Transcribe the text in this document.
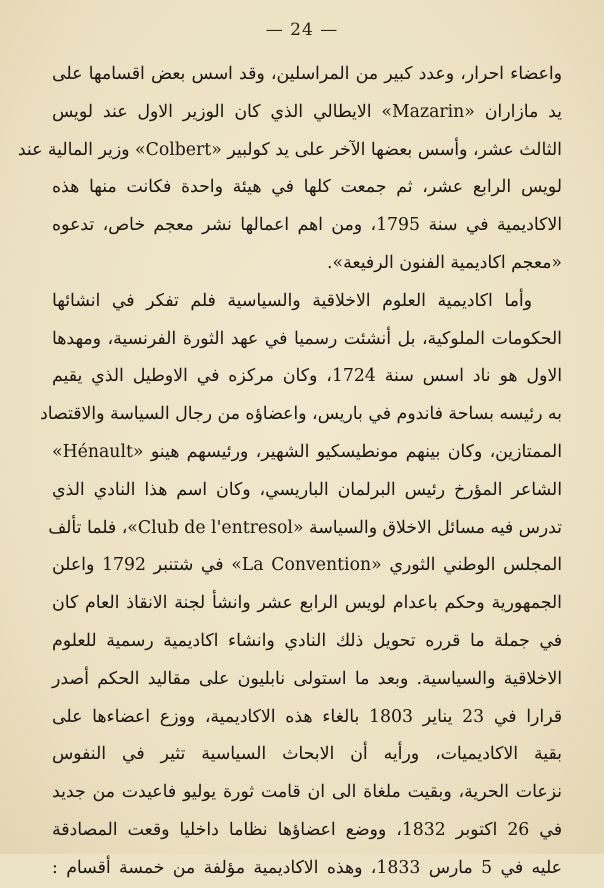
— 24 —
واعضاء احرار، وعدد كبير من المراسلين، وقد اسس بعض اقسامها على
يد مازاران «Mazarin» الايطالي الذي كان الوزير الاول عند لويس
الثالث عشر، وأسس بعضها الآخر على يد كولبير «Colbert» وزير المالية عند
لويس الرابع عشر، ثم جمعت كلها في هيئة واحدة فكانت منها هذه
الاكاديمية في سنة 1795، ومن اهم اعمالها نشر معجم خاص، تدعوه
«معجم اكاديمية الفنون الرفيعة».
وأما اكاديمية العلوم الاخلاقية والسياسية فلم تفكر في انشائها
الحكومات الملوكية، بل أنشئت رسميا في عهد الثورة الفرنسية، ومهدها
الاول هو ناد اسس سنة 1724، وكان مركزه في الاوطيل الذي يقيم
به رئيسه بساحة فاندوم في باريس، واعضاؤه من رجال السياسة والاقتصاد
الممتازين، وكان بينهم مونطيسكيو الشهير، ورئيسهم هينو «Hénault»
الشاعر المؤرخ رئيس البرلمان الباريسي، وكان اسم هذا النادي الذي
تدرس فيه مسائل الاخلاق والسياسة «Club de l'entresol»، فلما تألف
المجلس الوطني الثوري «La Convention» في شتنبر 1792 واعلن
الجمهورية وحكم باعدام لويس الرابع عشر وانشأ لجنة الانقاذ العام كان
في جملة ما قرره تحويل ذلك النادي وانشاء اكاديمية رسمية للعلوم
الاخلاقية والسياسية. وبعد ما استولى نابليون على مقاليد الحكم أصدر
قرارا في 23 يناير 1803 بالغاء هذه الاكاديمية، ووزع اعضاءها على
بقية الاكاديميات، ورأيه أن الابحاث السياسية تثير في النفوس
نزعات الحرية، وبقيت ملغاة الى ان قامت ثورة يوليو فاعيدت من جديد
في 26 اكتوبر 1832، ووضع اعضاؤها نظاما داخليا وقعت المصادقة
عليه في 5 مارس 1833، وهذه الاكاديمية مؤلفة من خمسة أقسام :
